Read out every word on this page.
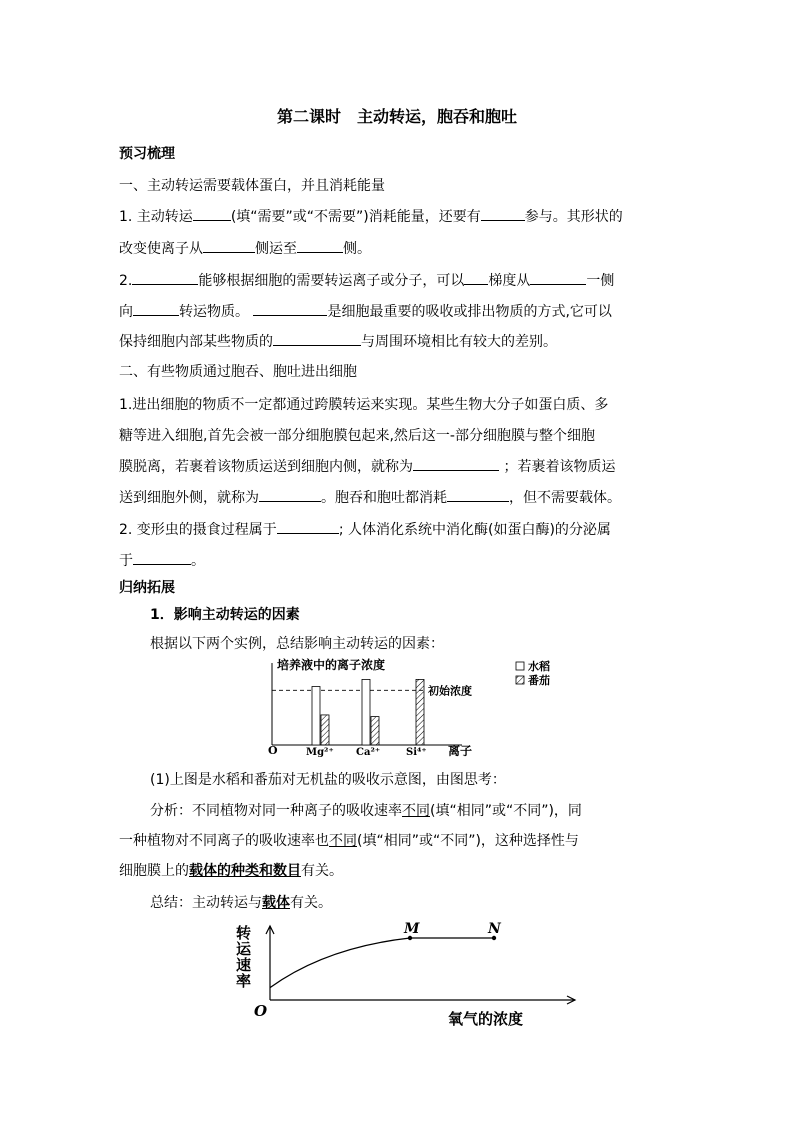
第二课时　主动转运，胞吞和胞吐
预习梳理
一、主动转运需要载体蛋白，并且消耗能量
1. 主动转运	(填“需要”或“不需要”)消耗能量，还要有	参与。其形状的
改变使离子从	侧运至	侧。
2.	能够根据细胞的需要转运离子或分子，可以 梯度从	一侧
向	转运物质。	是细胞最重要的吸收或排出物质的方式,它可以
保持细胞内部某些物质的	与周围环境相比有较大的差别。
二、有些物质通过胞吞、胞吐进出细胞
1.进出细胞的物质不一定都通过跨膜转运来实现。某些生物大分子如蛋白质、多
糖等进入细胞,首先会被一部分细胞膜包起来,然后这一-部分细胞膜与整个细胞
膜脱离，若裹着该物质运送到细胞内侧，就称为	；若裹着该物质运
送到细胞外侧，就称为	。胞吞和胞吐都消耗	，但不需要载体。
2. 变形虫的摄食过程属于	; 人体消化系统中消化酶(如蛋白酶)的分泌属
于	。
归纳拓展
1．影响主动转运的因素
根据以下两个实例，总结影响主动转运的因素：
培养液中的离子浓度
O	离子
初始浓度
Mg²⁺ Ca²⁺	Si⁴⁺
水稻
番茄
(1)上图是水稻和番茄对无机盐的吸收示意图，由图思考：
分析：不同植物对同一种离子的吸收速率不同(填“相同”或“不同”)，同
一种植物对不同离子的吸收速率也不同(填“相同”或“不同”)，这种选择性与
细胞膜上的载体的种类和数目有关。
总结：主动转运与载体有关。
转
运
速
率
O	氧气的浓度
M	N
